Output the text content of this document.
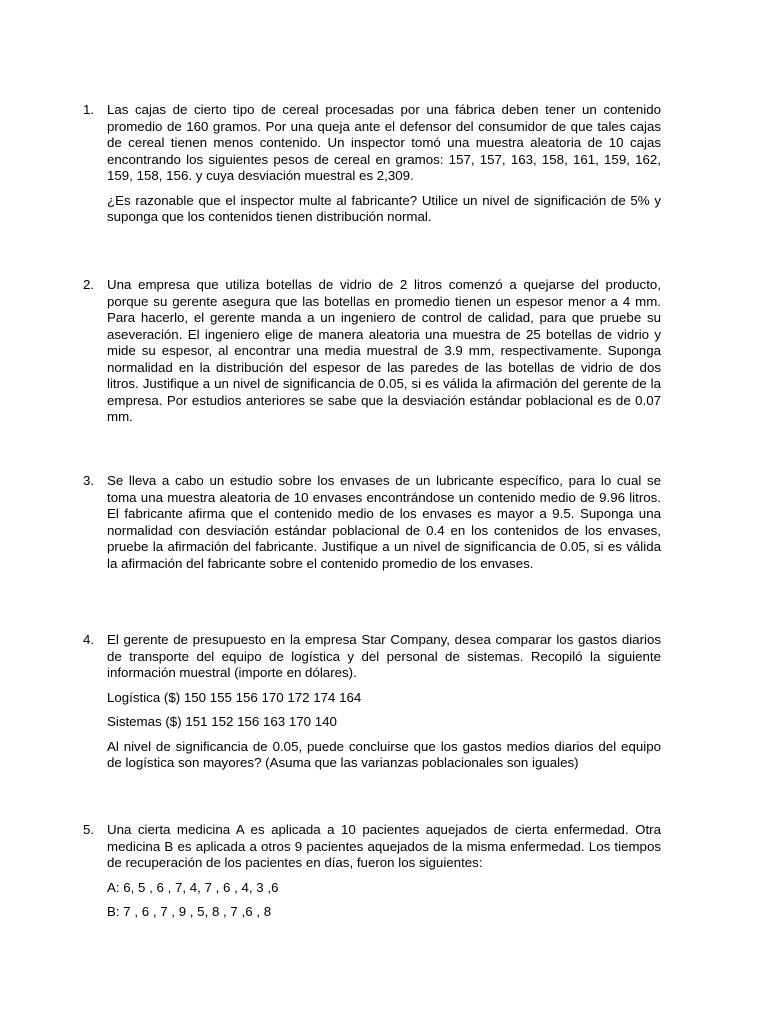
1. Las cajas de cierto tipo de cereal procesadas por una fábrica deben tener un contenido promedio de 160 gramos. Por una queja ante el defensor del consumidor de que tales cajas de cereal tienen menos contenido. Un inspector tomó una muestra aleatoria de 10 cajas encontrando los siguientes pesos de cereal en gramos: 157, 157, 163, 158, 161, 159, 162, 159, 158, 156. y cuya desviación muestral es 2,309.

¿Es razonable que el inspector multe al fabricante? Utilice un nivel de significación de 5% y suponga que los contenidos tienen distribución normal.

2. Una empresa que utiliza botellas de vidrio de 2 litros comenzó a quejarse del producto, porque su gerente asegura que las botellas en promedio tienen un espesor menor a 4 mm. Para hacerlo, el gerente manda a un ingeniero de control de calidad, para que pruebe su aseveración. El ingeniero elige de manera aleatoria una muestra de 25 botellas de vidrio y mide su espesor, al encontrar una media muestral de 3.9 mm, respectivamente. Suponga normalidad en la distribución del espesor de las paredes de las botellas de vidrio de dos litros. Justifique a un nivel de significancia de 0.05, si es válida la afirmación del gerente de la empresa. Por estudios anteriores se sabe que la desviación estándar poblacional es de 0.07 mm.

3. Se lleva a cabo un estudio sobre los envases de un lubricante específico, para lo cual se toma una muestra aleatoria de 10 envases encontrándose un contenido medio de 9.96 litros. El fabricante afirma que el contenido medio de los envases es mayor a 9.5. Suponga una normalidad con desviación estándar poblacional de 0.4 en los contenidos de los envases, pruebe la afirmación del fabricante. Justifique a un nivel de significancia de 0.05, si es válida la afirmación del fabricante sobre el contenido promedio de los envases.

4. El gerente de presupuesto en la empresa Star Company, desea comparar los gastos diarios de transporte del equipo de logística y del personal de sistemas. Recopiló la siguiente información muestral (importe en dólares).

Logística ($) 150 155 156 170 172 174 164

Sistemas ($) 151 152 156 163 170 140

Al nivel de significancia de 0.05, puede concluirse que los gastos medios diarios del equipo de logística son mayores? (Asuma que las varianzas poblacionales son iguales)

5. Una cierta medicina A es aplicada a 10 pacientes aquejados de cierta enfermedad. Otra medicina B es aplicada a otros 9 pacientes aquejados de la misma enfermedad. Los tiempos de recuperación de los pacientes en días, fueron los siguientes:

A: 6, 5 , 6 , 7, 4, 7 , 6 , 4, 3 ,6

B: 7 , 6 , 7 , 9 , 5, 8 , 7 ,6 , 8
